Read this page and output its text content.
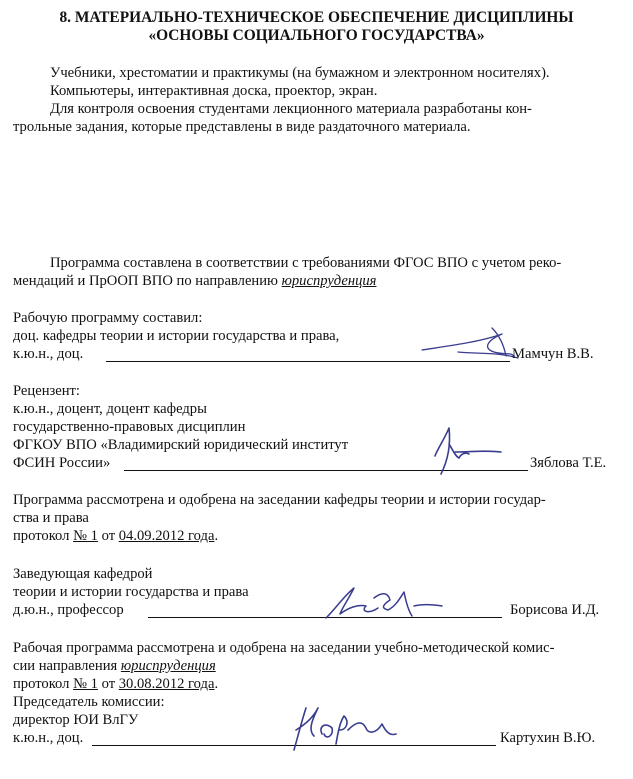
8. МАТЕРИАЛЬНО-ТЕХНИЧЕСКОЕ ОБЕСПЕЧЕНИЕ ДИСЦИПЛИНЫ
«ОСНОВЫ СОЦИАЛЬНОГО ГОСУДАРСТВА»
Учебники, хрестоматии и практикумы (на бумажном и электронном носителях).
Компьютеры, интерактивная доска, проектор, экран.
Для контроля освоения студентами лекционного материала разработаны кон-
трольные задания, которые представлены в виде раздаточного материала.
Программа составлена в соответствии с требованиями ФГОС ВПО с учетом реко-
мендаций и ПрООП ВПО по направлению юриспруденция
Рабочую программу составил:
доц. кафедры теории и истории государства и права,
к.ю.н., доц.	Мамчун В.В.
Рецензент:
к.ю.н., доцент, доцент кафедры
государственно-правовых дисциплин
ФГКОУ ВПО «Владимирский юридический институт
ФСИН России»	Зяблова Т.Е.
Программа рассмотрена и одобрена на заседании кафедры теории и истории государ-
ства и права
протокол № 1 от 04.09.2012 года.
Заведующая кафедрой
теории и истории государства и права
д.ю.н., профессор	Борисова И.Д.
Рабочая программа рассмотрена и одобрена на заседании учебно-методической комис-
сии направления юриспруденция
протокол № 1 от 30.08.2012 года.
Председатель комиссии:
директор ЮИ ВлГУ
к.ю.н., доц.	Картухин В.Ю.
